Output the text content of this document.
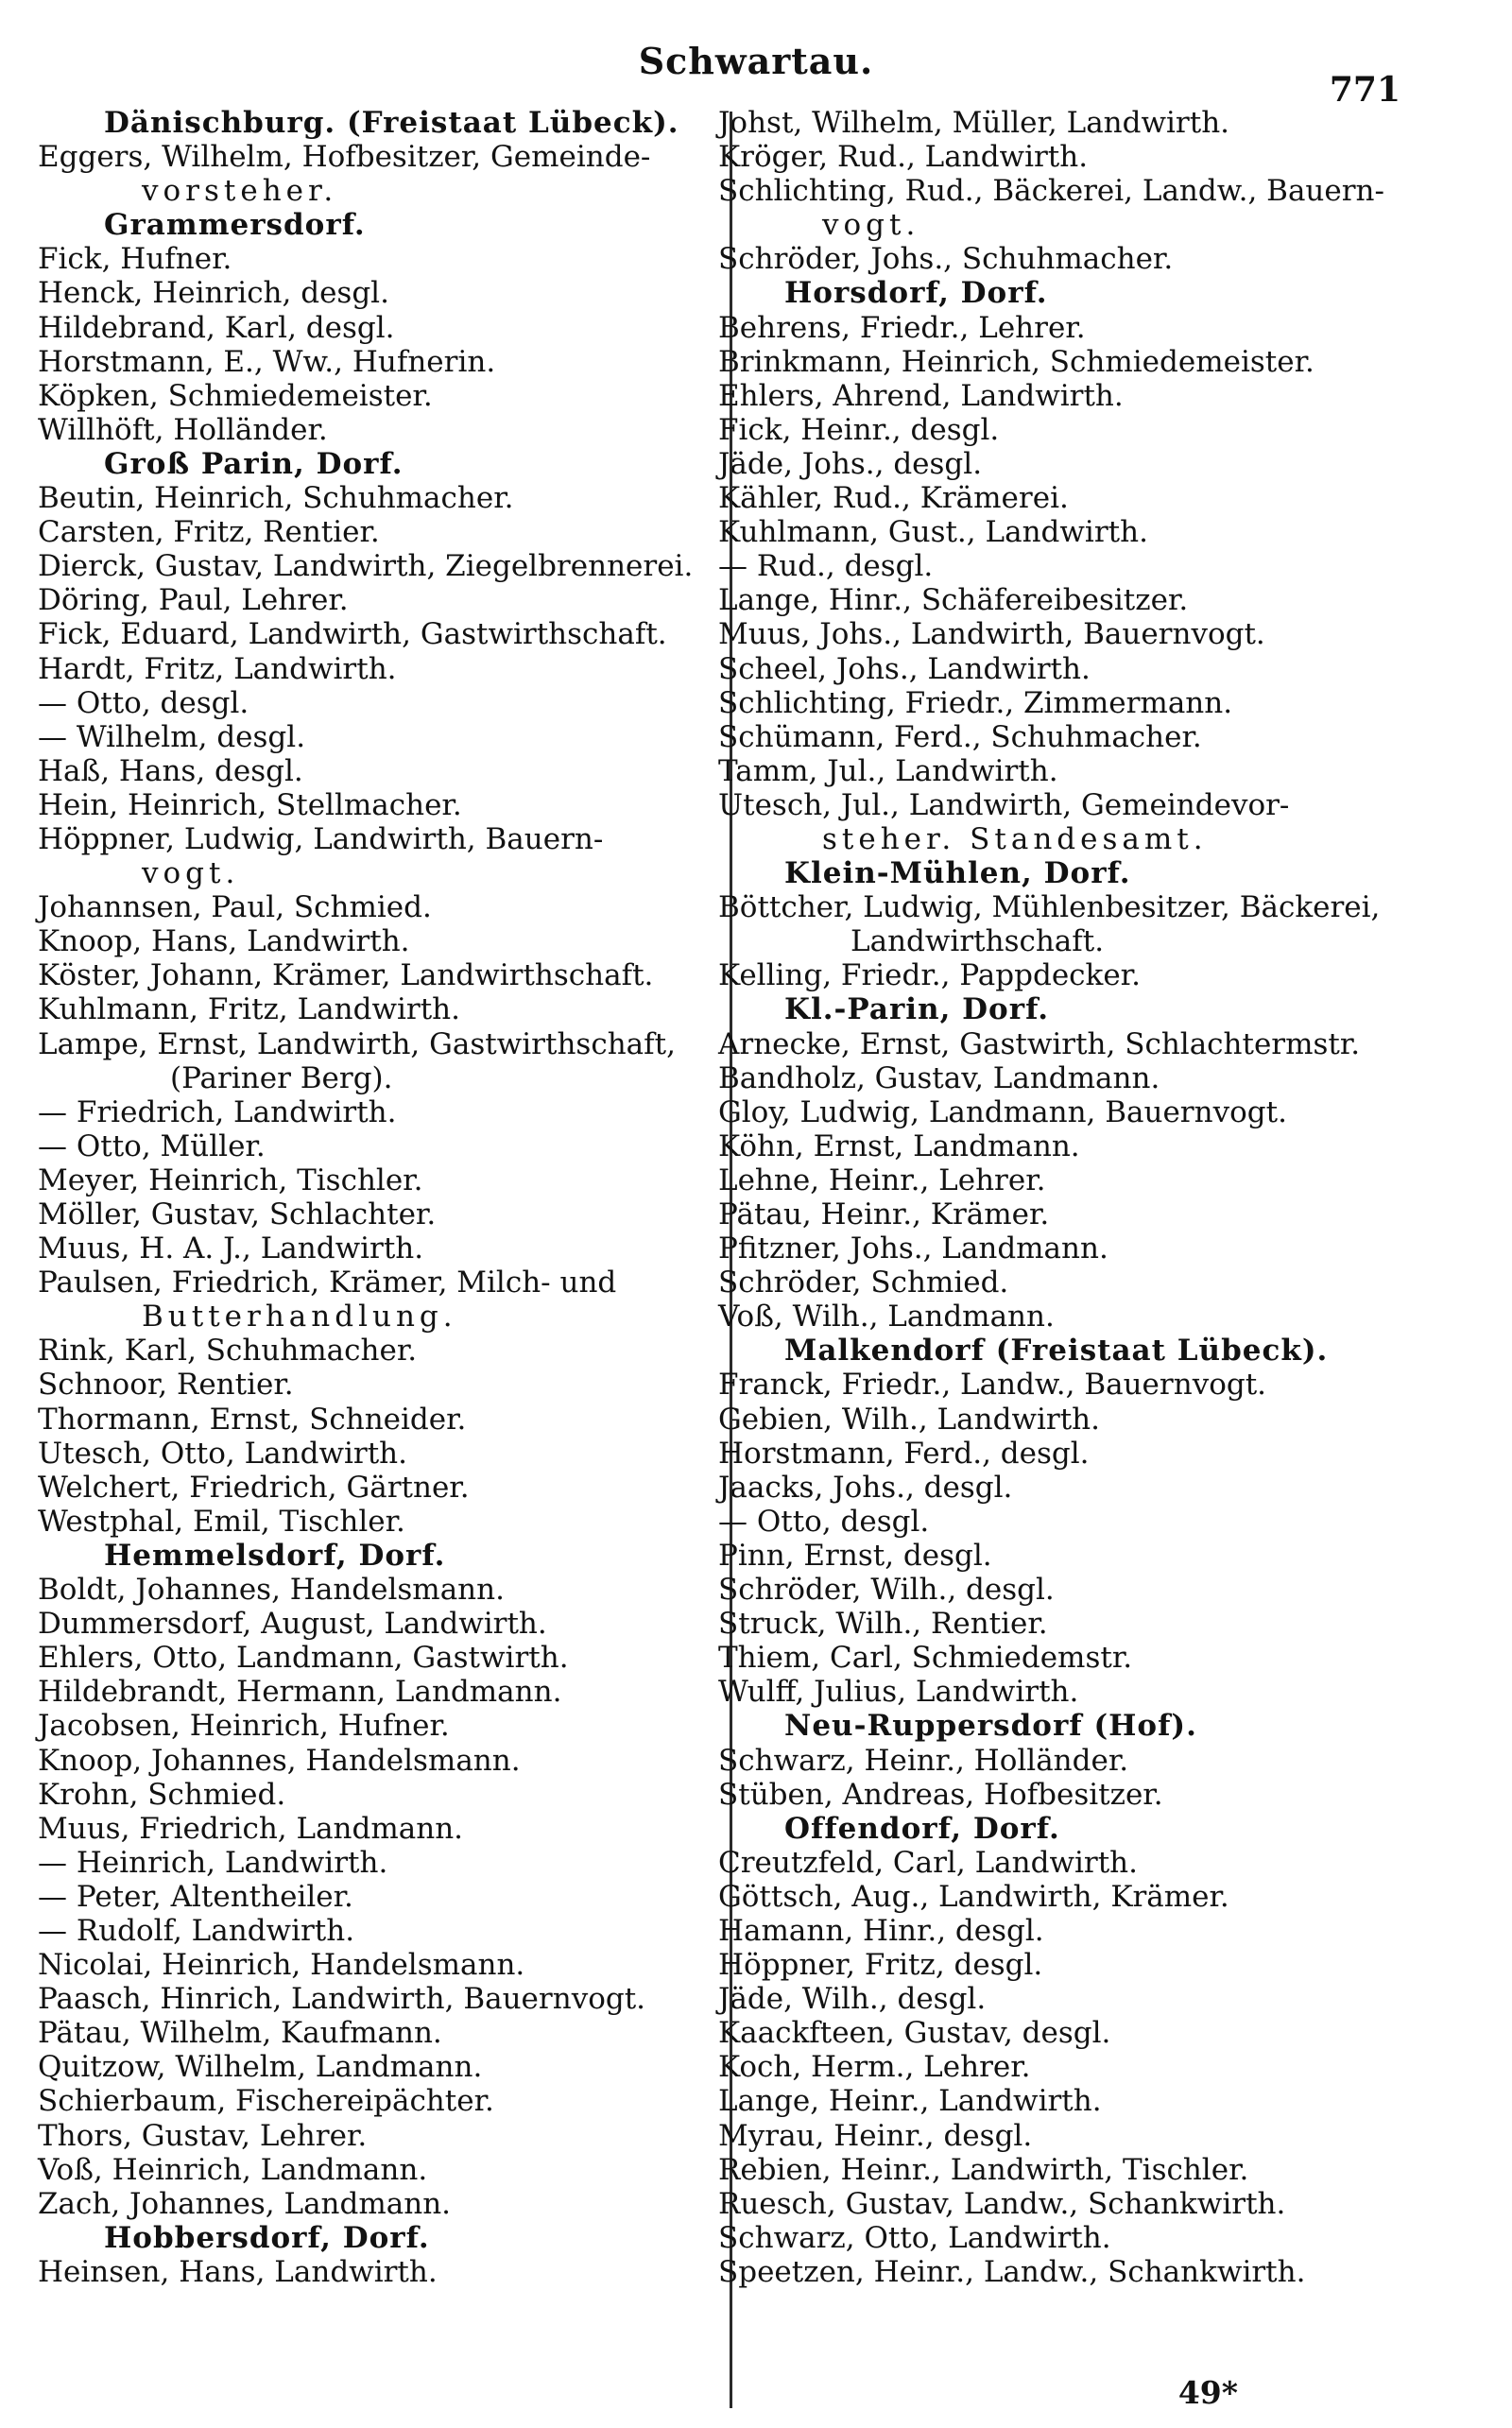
Schwartau.
771
Dänischburg. (Freistaat Lübeck).
Eggers, Wilhelm, Hofbesitzer, Gemeinde-
vorsteher.
Grammersdorf.
Fick, Hufner.
Henck, Heinrich, desgl.
Hildebrand, Karl, desgl.
Horstmann, E., Ww., Hufnerin.
Köpken, Schmiedemeister.
Willhöft, Holländer.
Groß Parin, Dorf.
Beutin, Heinrich, Schuhmacher.
Carsten, Fritz, Rentier.
Dierck, Gustav, Landwirth, Ziegelbrennerei.
Döring, Paul, Lehrer.
Fick, Eduard, Landwirth, Gastwirthschaft.
Hardt, Fritz, Landwirth.
— Otto, desgl.
— Wilhelm, desgl.
Haß, Hans, desgl.
Hein, Heinrich, Stellmacher.
Höppner, Ludwig, Landwirth, Bauern-
vogt.
Johannsen, Paul, Schmied.
Knoop, Hans, Landwirth.
Köster, Johann, Krämer, Landwirthschaft.
Kuhlmann, Fritz, Landwirth.
Lampe, Ernst, Landwirth, Gastwirthschaft,
(Pariner Berg).
— Friedrich, Landwirth.
— Otto, Müller.
Meyer, Heinrich, Tischler.
Möller, Gustav, Schlachter.
Muus, H. A. J., Landwirth.
Paulsen, Friedrich, Krämer, Milch- und
Butterhandlung.
Rink, Karl, Schuhmacher.
Schnoor, Rentier.
Thormann, Ernst, Schneider.
Utesch, Otto, Landwirth.
Welchert, Friedrich, Gärtner.
Westphal, Emil, Tischler.
Hemmelsdorf, Dorf.
Boldt, Johannes, Handelsmann.
Dummersdorf, August, Landwirth.
Ehlers, Otto, Landmann, Gastwirth.
Hildebrandt, Hermann, Landmann.
Jacobsen, Heinrich, Hufner.
Knoop, Johannes, Handelsmann.
Krohn, Schmied.
Muus, Friedrich, Landmann.
— Heinrich, Landwirth.
— Peter, Altentheiler.
— Rudolf, Landwirth.
Nicolai, Heinrich, Handelsmann.
Paasch, Hinrich, Landwirth, Bauernvogt.
Pätau, Wilhelm, Kaufmann.
Quitzow, Wilhelm, Landmann.
Schierbaum, Fischereipächter.
Thors, Gustav, Lehrer.
Voß, Heinrich, Landmann.
Zach, Johannes, Landmann.
Hobbersdorf, Dorf.
Heinsen, Hans, Landwirth.
Johst, Wilhelm, Müller, Landwirth.
Kröger, Rud., Landwirth.
Schlichting, Rud., Bäckerei, Landw., Bauern-
vogt.
Schröder, Johs., Schuhmacher.
Horsdorf, Dorf.
Behrens, Friedr., Lehrer.
Brinkmann, Heinrich, Schmiedemeister.
Ehlers, Ahrend, Landwirth.
Fick, Heinr., desgl.
Jäde, Johs., desgl.
Kähler, Rud., Krämerei.
Kuhlmann, Gust., Landwirth.
— Rud., desgl.
Lange, Hinr., Schäfereibesitzer.
Muus, Johs., Landwirth, Bauernvogt.
Scheel, Johs., Landwirth.
Schlichting, Friedr., Zimmermann.
Schümann, Ferd., Schuhmacher.
Tamm, Jul., Landwirth.
Utesch, Jul., Landwirth, Gemeindevor-
steher. Standesamt.
Klein-Mühlen, Dorf.
Böttcher, Ludwig, Mühlenbesitzer, Bäckerei,
Landwirthschaft.
Kelling, Friedr., Pappdecker.
Kl.-Parin, Dorf.
Arnecke, Ernst, Gastwirth, Schlachtermstr.
Bandholz, Gustav, Landmann.
Gloy, Ludwig, Landmann, Bauernvogt.
Köhn, Ernst, Landmann.
Lehne, Heinr., Lehrer.
Pätau, Heinr., Krämer.
Pfitzner, Johs., Landmann.
Schröder, Schmied.
Voß, Wilh., Landmann.
Malkendorf (Freistaat Lübeck).
Franck, Friedr., Landw., Bauernvogt.
Gebien, Wilh., Landwirth.
Horstmann, Ferd., desgl.
Jaacks, Johs., desgl.
— Otto, desgl.
Pinn, Ernst, desgl.
Schröder, Wilh., desgl.
Struck, Wilh., Rentier.
Thiem, Carl, Schmiedemstr.
Wulff, Julius, Landwirth.
Neu-Ruppersdorf (Hof).
Schwarz, Heinr., Holländer.
Stüben, Andreas, Hofbesitzer.
Offendorf, Dorf.
Creutzfeld, Carl, Landwirth.
Göttsch, Aug., Landwirth, Krämer.
Hamann, Hinr., desgl.
Höppner, Fritz, desgl.
Jäde, Wilh., desgl.
Kaackfteen, Gustav, desgl.
Koch, Herm., Lehrer.
Lange, Heinr., Landwirth.
Myrau, Heinr., desgl.
Rebien, Heinr., Landwirth, Tischler.
Ruesch, Gustav, Landw., Schankwirth.
Schwarz, Otto, Landwirth.
Speetzen, Heinr., Landw., Schankwirth.
49*
